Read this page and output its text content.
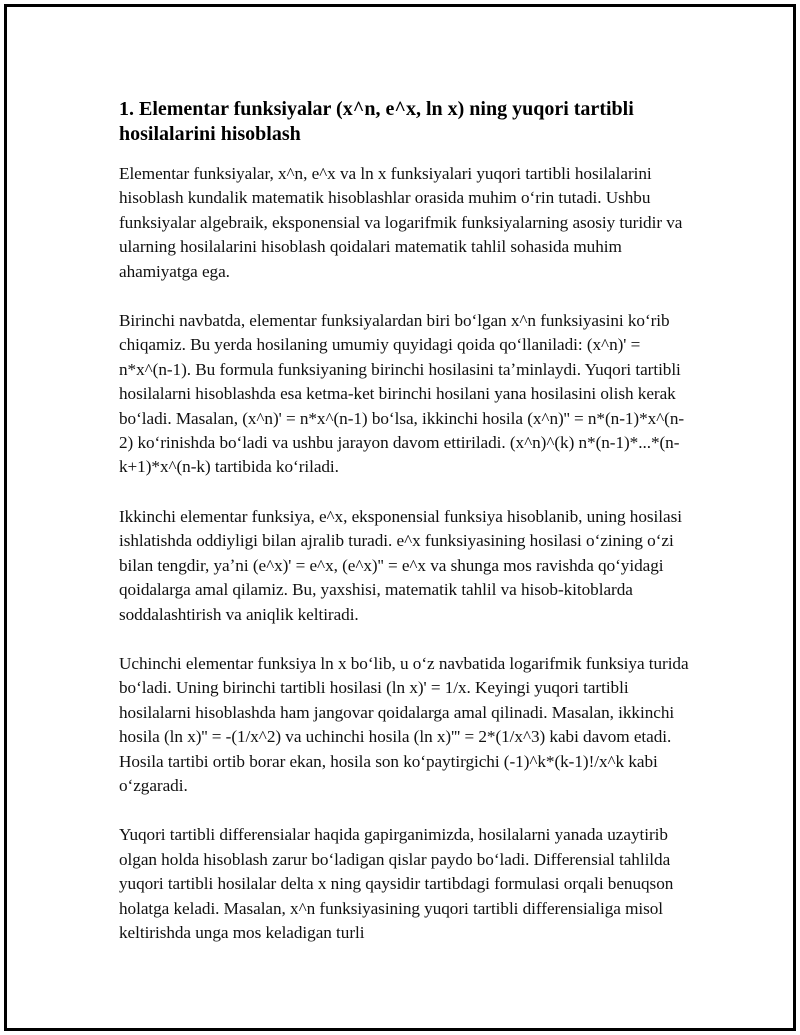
1. Elementar funksiyalar (x^n, e^x, ln x) ning yuqori tartibli hosilalarini hisoblash

Elementar funksiyalar, x^n, e^x va ln x funksiyalari yuqori tartibli hosilalarini hisoblash kundalik matematik hisoblashlar orasida muhim oʻrin tutadi. Ushbu funksiyalar algebraik, eksponensial va logarifmik funksiyalarning asosiy turidir va ularning hosilalarini hisoblash qoidalari matematik tahlil sohasida muhim ahamiyatga ega.

Birinchi navbatda, elementar funksiyalardan biri boʻlgan x^n funksiyasini koʻrib chiqamiz. Bu yerda hosilaning umumiy quyidagi qoida qoʻllaniladi: (x^n)' = n*x^(n-1). Bu formula funksiyaning birinchi hosilasini taʼminlaydi. Yuqori tartibli hosilalarni hisoblashda esa ketma-ket birinchi hosilani yana hosilasini olish kerak boʻladi. Masalan, (x^n)' = n*x^(n-1) boʻlsa, ikkinchi hosila (x^n)'' = n*(n-1)*x^(n-2) koʻrinishda boʻladi va ushbu jarayon davom ettiriladi. (x^n)^(k) n*(n-1)*...*(n-k+1)*x^(n-k) tartibida koʻriladi.

Ikkinchi elementar funksiya, e^x, eksponensial funksiya hisoblanib, uning hosilasi ishlatishda oddiyligi bilan ajralib turadi. e^x funksiyasining hosilasi oʻzining oʻzi bilan tengdir, yaʼni (e^x)' = e^x, (e^x)'' = e^x va shunga mos ravishda qoʻyidagi qoidalarga amal qilamiz. Bu, yaxshisi, matematik tahlil va hisob-kitoblarda soddalashtirish va aniqlik keltiradi.

Uchinchi elementar funksiya ln x boʻlib, u oʻz navbatida logarifmik funksiya turida boʻladi. Uning birinchi tartibli hosilasi (ln x)' = 1/x. Keyingi yuqori tartibli hosilalarni hisoblashda ham jangovar qoidalarga amal qilinadi. Masalan, ikkinchi hosila (ln x)'' = -(1/x^2) va uchinchi hosila (ln x)''' = 2*(1/x^3) kabi davom etadi. Hosila tartibi ortib borar ekan, hosila son koʻpaytirgichi (-1)^k*(k-1)!/x^k kabi oʻzgaradi.

Yuqori tartibli differensialar haqida gapirganimizda, hosilalarni yanada uzaytirib olgan holda hisoblash zarur boʻladigan qislar paydo boʻladi. Differensial tahlilda yuqori tartibli hosilalar delta x ning qaysidir tartibdagi formulasi orqali benuqson holatga keladi. Masalan, x^n funksiyasining yuqori tartibli differensialiga misol keltirishda unga mos keladigan turli
